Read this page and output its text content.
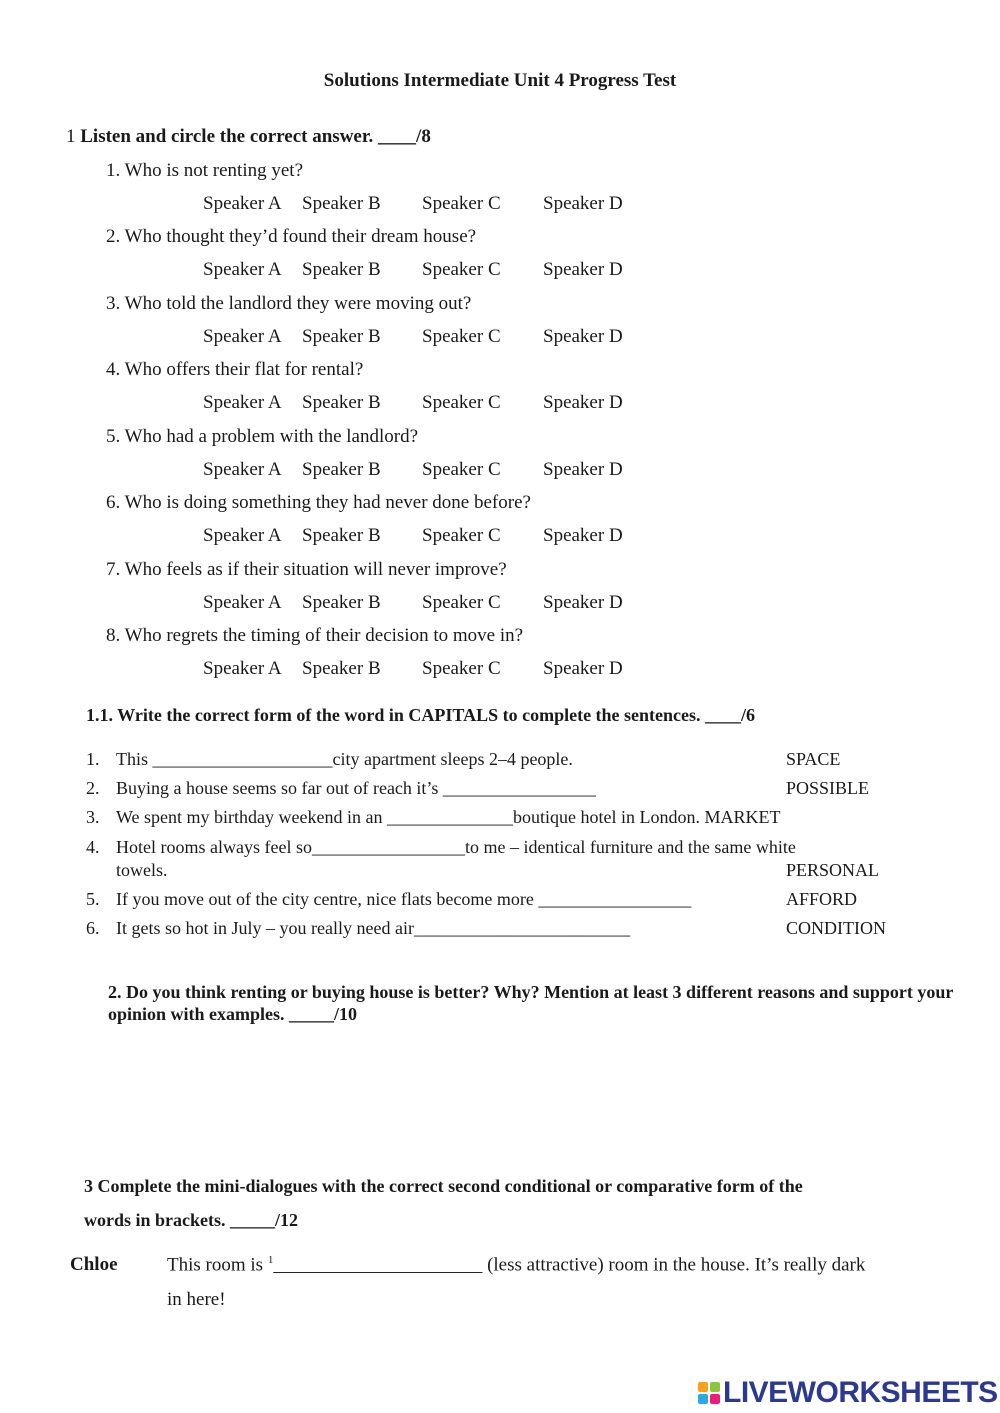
Solutions Intermediate Unit 4 Progress Test
1 Listen and circle the correct answer. ____/8
1. Who is not renting yet?
2. Who thought they’d found their dream house?
3. Who told the landlord they were moving out?
4. Who offers their flat for rental?
5. Who had a problem with the landlord?
6. Who is doing something they had never done before?
7. Who feels as if their situation will never improve?
8. Who regrets the timing of their decision to move in?
Speaker A Speaker B Speaker C Speaker D
Speaker A Speaker B Speaker C Speaker D
Speaker A Speaker B Speaker C Speaker D
Speaker A Speaker B Speaker C Speaker D
Speaker A Speaker B Speaker C Speaker D
Speaker A Speaker B Speaker C Speaker D
Speaker A Speaker B Speaker C Speaker D
Speaker A Speaker B Speaker C Speaker D
1.1. Write the correct form of the word in CAPITALS to complete the sentences. ____/6
1. This ____________________city apartment sleeps 2–4 people.	SPACE
2. Buying a house seems so far out of reach it’s _________________	POSSIBLE
3. We spent my birthday weekend in an ______________boutique hotel in London. MARKET
4. Hotel rooms always feel so_________________to me – identical furniture and the same white
towels.	PERSONAL
5. If you move out of the city centre, nice flats become more _________________	AFFORD
6. It gets so hot in July – you really need air________________________	CONDITION
2. Do you think renting or buying house is better? Why? Mention at least 3 different reasons and support your opinion with examples. _____/10
3 Complete the mini-dialogues with the correct second conditional or comparative form of the
words in brackets. _____/12
Chloe	This room is $^1$______________________ (less attractive) room in the house. It’s really dark
in here!
LIVEWORKSHEETS
